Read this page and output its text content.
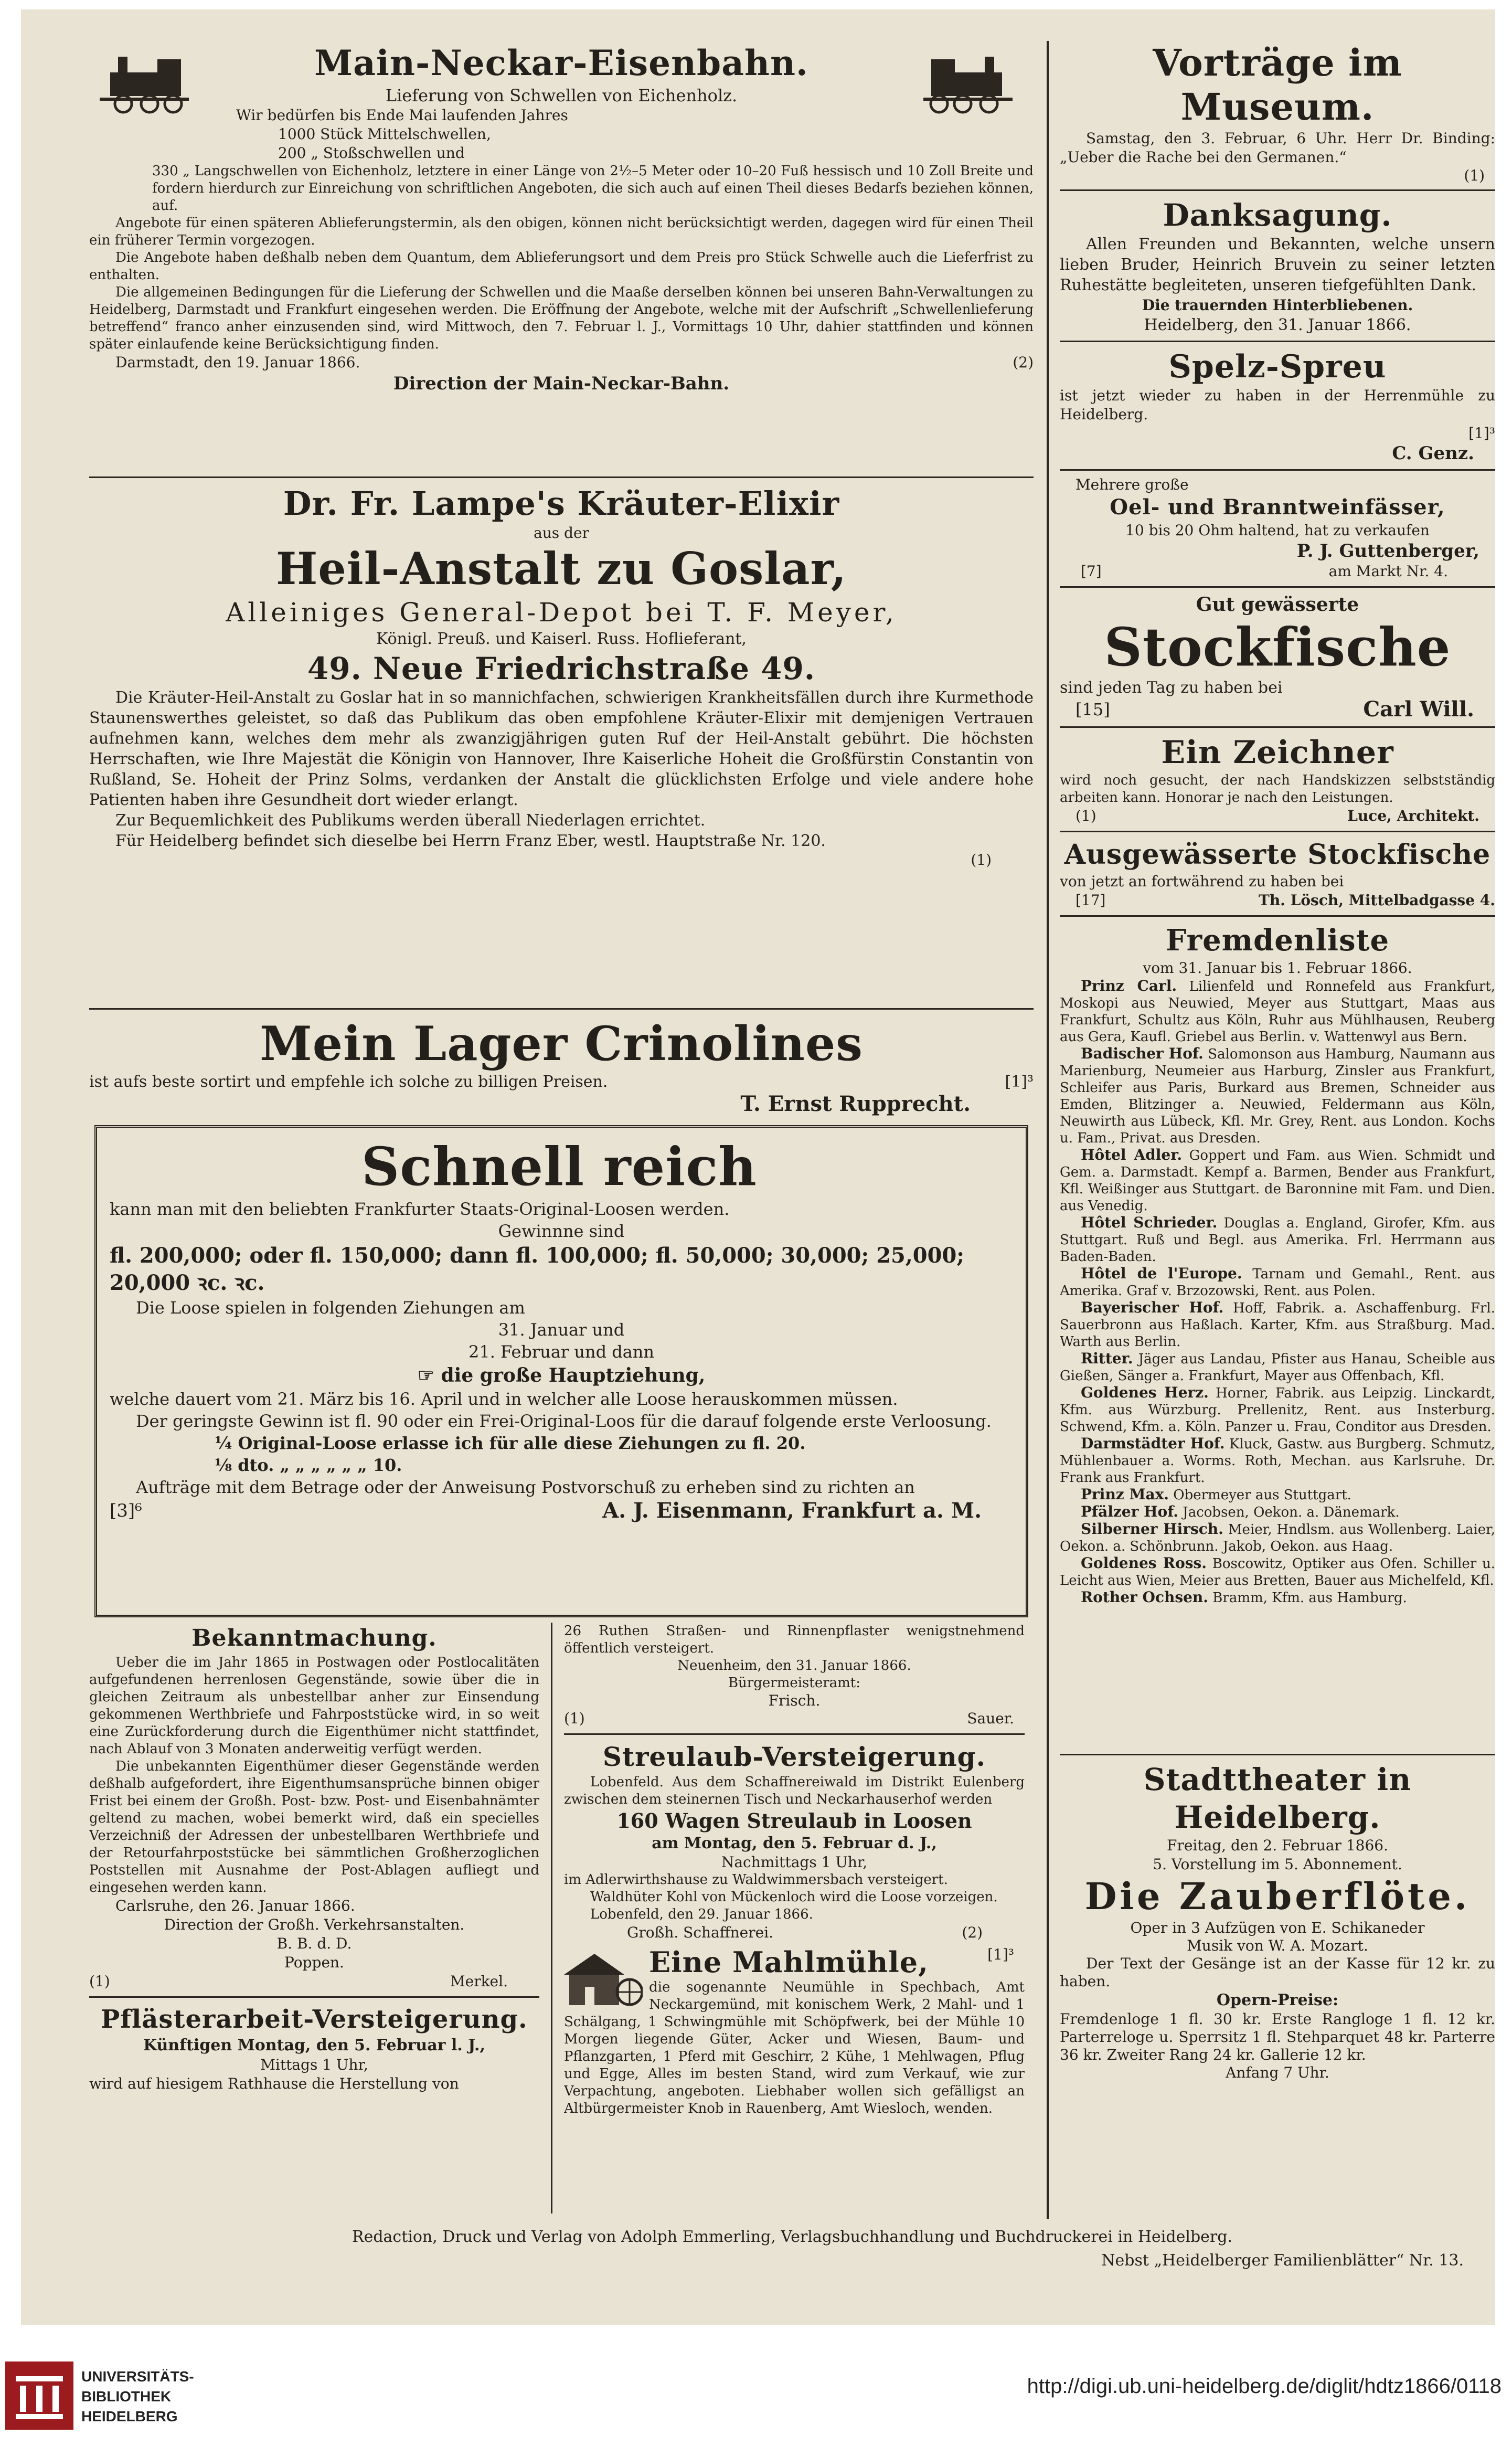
Main-Neckar-Eisenbahn.
Lieferung von Schwellen von Eichenholz.
Wir bedürfen bis Ende Mai laufenden Jahres
1000 Stück Mittelschwellen,
200 „ Stoßschwellen und

330 „ Langschwellen von Eichenholz, letztere in einer Länge von 2½–5 Meter oder 10–20 Fuß hessisch und 10 Zoll Breite und fordern hierdurch zur Einreichung von schriftlichen Angeboten, die sich auch auf einen Theil dieses Bedarfs beziehen können, auf.

Angebote für einen späteren Ablieferungstermin, als den obigen, können nicht berücksichtigt werden, dagegen wird für einen Theil ein früherer Termin vorgezogen.

Die Angebote haben deßhalb neben dem Quantum, dem Ablieferungsort und dem Preis pro Stück Schwelle auch die Lieferfrist zu enthalten.

Die allgemeinen Bedingungen für die Lieferung der Schwellen und die Maaße derselben können bei unseren Bahn-Verwaltungen zu Heidelberg, Darmstadt und Frankfurt eingesehen werden. Die Eröffnung der Angebote, welche mit der Aufschrift „Schwellenlieferung betreffend“ franco anher einzusenden sind, wird Mittwoch, den 7. Februar l. J., Vormittags 10 Uhr, dahier stattfinden und können später einlaufende keine Berücksichtigung finden.

Darmstadt, den 19. Januar 1866.	(2)
Direction der Main-Neckar-Bahn.
Dr. Fr. Lampe's Kräuter-Elixir
aus der
Heil-Anstalt zu Goslar,
Alleiniges General-Depot bei T. F. Meyer,
Königl. Preuß. und Kaiserl. Russ. Hoflieferant,
49. Neue Friedrichstraße 49.

Die Kräuter-Heil-Anstalt zu Goslar hat in so mannichfachen, schwierigen Krankheitsfällen durch ihre Kurmethode Staunenswerthes geleistet, so daß das Publikum das oben empfohlene Kräuter-Elixir mit demjenigen Vertrauen aufnehmen kann, welches dem mehr als zwanzigjährigen guten Ruf der Heil-Anstalt gebührt. Die höchsten Herrschaften, wie Ihre Majestät die Königin von Hannover, Ihre Kaiserliche Hoheit die Großfürstin Constantin von Rußland, Se. Hoheit der Prinz Solms, verdanken der Anstalt die glücklichsten Erfolge und viele andere hohe Patienten haben ihre Gesundheit dort wieder erlangt.

Zur Bequemlichkeit des Publikums werden überall Niederlagen errichtet.

Für Heidelberg befindet sich dieselbe bei Herrn Franz Eber, westl. Hauptstraße Nr. 120.

(1)
Mein Lager Crinolines
ist aufs beste sortirt und empfehle ich solche zu billigen Preisen.	[1]³
T. Ernst Rupprecht.
Schnell reich
kann man mit den beliebten Frankfurter Staats-Original-Loosen werden.
Gewinnne sind
fl. 200,000; oder fl. 150,000; dann fl. 100,000; fl. 50,000; 30,000; 25,000; 20,000 ꝛc. ꝛc.
Die Loose spielen in folgenden Ziehungen am
31. Januar und
21. Februar und dann
☞ die große Hauptziehung,

welche dauert vom 21. März bis 16. April und in welcher alle Loose herauskommen müssen.

Der geringste Gewinn ist fl. 90 oder ein Frei-Original-Loos für die darauf folgende erste Verloosung.

¼ Original-Loose erlasse ich für alle diese Ziehungen zu fl. 20.
⅛ dto. „ „ „ „ „ „ 10.
Aufträge mit dem Betrage oder der Anweisung Postvorschuß zu erheben sind zu richten an
[3]⁶	A. J. Eisenmann, Frankfurt a. M.
Bekanntmachung.

Ueber die im Jahr 1865 in Postwagen oder Postlocalitäten aufgefundenen herrenlosen Gegenstände, sowie über die in gleichen Zeitraum als unbestellbar anher zur Einsendung gekommenen Werthbriefe und Fahrpoststücke wird, in so weit eine Zurückforderung durch die Eigenthümer nicht stattfindet, nach Ablauf von 3 Monaten anderweitig verfügt werden.

Die unbekannten Eigenthümer dieser Gegenstände werden deßhalb aufgefordert, ihre Eigenthumsansprüche binnen obiger Frist bei einem der Großh. Post- bzw. Post- und Eisenbahnämter geltend zu machen, wobei bemerkt wird, daß ein specielles Verzeichniß der Adressen der unbestellbaren Werthbriefe und der Retourfahrpoststücke bei sämmtlichen Großherzoglichen Poststellen mit Ausnahme der Post-Ablagen aufliegt und eingesehen werden kann.

Carlsruhe, den 26. Januar 1866.
Direction der Großh. Verkehrsanstalten.
B. B. d. D.
Poppen.
(1)	Merkel.
Pflästerarbeit-Versteigerung.
Künftigen Montag, den 5. Februar l. J.,
Mittags 1 Uhr,
wird auf hiesigem Rathhause die Herstellung von

26 Ruthen Straßen- und Rinnenpflaster wenigstnehmend öffentlich versteigert.

Neuenheim, den 31. Januar 1866.
Bürgermeisteramt:
Frisch.
(1)	Sauer.
Streulaub-Versteigerung.

Lobenfeld. Aus dem Schaffnereiwald im Distrikt Eulenberg zwischen dem steinernen Tisch und Neckarhauserhof werden

160 Wagen Streulaub in Loosen
am Montag, den 5. Februar d. J.,
Nachmittags 1 Uhr,

im Adlerwirthshause zu Waldwimmersbach versteigert.

Waldhüter Kohl von Mückenloch wird die Loose vorzeigen.

Lobenfeld, den 29. Januar 1866.
Großh. Schaffnerei.	(2)
Eine Mahlmühle,	[1]³

die sogenannte Neumühle in Spechbach, Amt Neckargemünd, mit konischem Werk, 2 Mahl- und 1 Schälgang, 1 Schwingmühle mit Schöpfwerk, bei der Mühle 10 Morgen liegende Güter, Acker und Wiesen, Baum- und Pflanzgarten, 1 Pferd mit Geschirr, 2 Kühe, 1 Mehlwagen, Pflug und Egge, Alles im besten Stand, wird zum Verkauf, wie zur Verpachtung, angeboten. Liebhaber wollen sich gefälligst an Altbürgermeister Knob in Rauenberg, Amt Wiesloch, wenden.

Vorträge im Museum.

Samstag, den 3. Februar, 6 Uhr. Herr Dr. Binding: „Ueber die Rache bei den Germanen.“

(1)
Danksagung.

Allen Freunden und Bekannten, welche unsern lieben Bruder, Heinrich Bruvein zu seiner letzten Ruhestätte begleiteten, unseren tiefgefühlten Dank.

Die trauernden Hinterbliebenen.
Heidelberg, den 31. Januar 1866.
Spelz-Spreu

ist jetzt wieder zu haben in der Herrenmühle zu Heidelberg.

[1]³
C. Genz.
Mehrere große
Oel- und Branntweinfässer,
10 bis 20 Ohm haltend, hat zu verkaufen
P. J. Guttenberger,
[7]	am Markt Nr. 4.
Gut gewässerte
Stockfische
sind jeden Tag zu haben bei
[15]	Carl Will.
Ein Zeichner

wird noch gesucht, der nach Handskizzen selbstständig arbeiten kann. Honorar je nach den Leistungen.

(1)	Luce, Architekt.
Ausgewässerte Stockfische
von jetzt an fortwährend zu haben bei
[17]	Th. Lösch, Mittelbadgasse 4.
Fremdenliste
vom 31. Januar bis 1. Februar 1866.

Prinz Carl. Lilienfeld und Ronnefeld aus Frankfurt, Moskopi aus Neuwied, Meyer aus Stuttgart, Maas aus Frankfurt, Schultz aus Köln, Ruhr aus Mühlhausen, Reuberg aus Gera, Kaufl. Griebel aus Berlin. v. Wattenwyl aus Bern.

Badischer Hof. Salomonson aus Hamburg, Naumann aus Marienburg, Neumeier aus Harburg, Zinsler aus Frankfurt, Schleifer aus Paris, Burkard aus Bremen, Schneider aus Emden, Blitzinger a. Neuwied, Feldermann aus Köln, Neuwirth aus Lübeck, Kfl. Mr. Grey, Rent. aus London. Kochs u. Fam., Privat. aus Dresden.

Hôtel Adler. Goppert und Fam. aus Wien. Schmidt und Gem. a. Darmstadt. Kempf a. Barmen, Bender aus Frankfurt, Kfl. Weißinger aus Stuttgart. de Baronnine mit Fam. und Dien. aus Venedig.

Hôtel Schrieder. Douglas a. England, Girofer, Kfm. aus Stuttgart. Ruß und Begl. aus Amerika. Frl. Herrmann aus Baden-Baden.

Hôtel de l'Europe. Tarnam und Gemahl., Rent. aus Amerika. Graf v. Brzozowski, Rent. aus Polen.

Bayerischer Hof. Hoff, Fabrik. a. Aschaffenburg. Frl. Sauerbronn aus Haßlach. Karter, Kfm. aus Straßburg. Mad. Warth aus Berlin.

Ritter. Jäger aus Landau, Pfister aus Hanau, Scheible aus Gießen, Sänger a. Frankfurt, Mayer aus Offenbach, Kfl.

Goldenes Herz. Horner, Fabrik. aus Leipzig. Linckardt, Kfm. aus Würzburg. Prellenitz, Rent. aus Insterburg. Schwend, Kfm. a. Köln. Panzer u. Frau, Conditor aus Dresden.

Darmstädter Hof. Kluck, Gastw. aus Burgberg. Schmutz, Mühlenbauer a. Worms. Roth, Mechan. aus Karlsruhe. Dr. Frank aus Frankfurt.

Prinz Max. Obermeyer aus Stuttgart.

Pfälzer Hof. Jacobsen, Oekon. a. Dänemark.

Silberner Hirsch. Meier, Hndlsm. aus Wollenberg. Laier, Oekon. a. Schönbrunn. Jakob, Oekon. aus Haag.

Goldenes Ross. Boscowitz, Optiker aus Ofen. Schiller u. Leicht aus Wien, Meier aus Bretten, Bauer aus Michelfeld, Kfl.

Rother Ochsen. Bramm, Kfm. aus Hamburg.

Stadttheater in Heidelberg.
Freitag, den 2. Februar 1866.
5. Vorstellung im 5. Abonnement.
Die Zauberflöte.
Oper in 3 Aufzügen von E. Schikaneder
Musik von W. A. Mozart.

Der Text der Gesänge ist an der Kasse für 12 kr. zu haben.

Opern-Preise:

Fremdenloge 1 fl. 30 kr. Erste Rangloge 1 fl. 12 kr. Parterreloge u. Sperrsitz 1 fl. Stehparquet 48 kr. Parterre 36 kr. Zweiter Rang 24 kr. Gallerie 12 kr.

Anfang 7 Uhr.
Redaction, Druck und Verlag von Adolph Emmerling, Verlagsbuchhandlung und Buchdruckerei in Heidelberg.
Nebst „Heidelberger Familienblätter“ Nr. 13.
UNIVERSITÄTS-
BIBLIOTHEK
HEIDELBERG
http://digi.ub.uni-heidelberg.de/diglit/hdtz1866/0118
